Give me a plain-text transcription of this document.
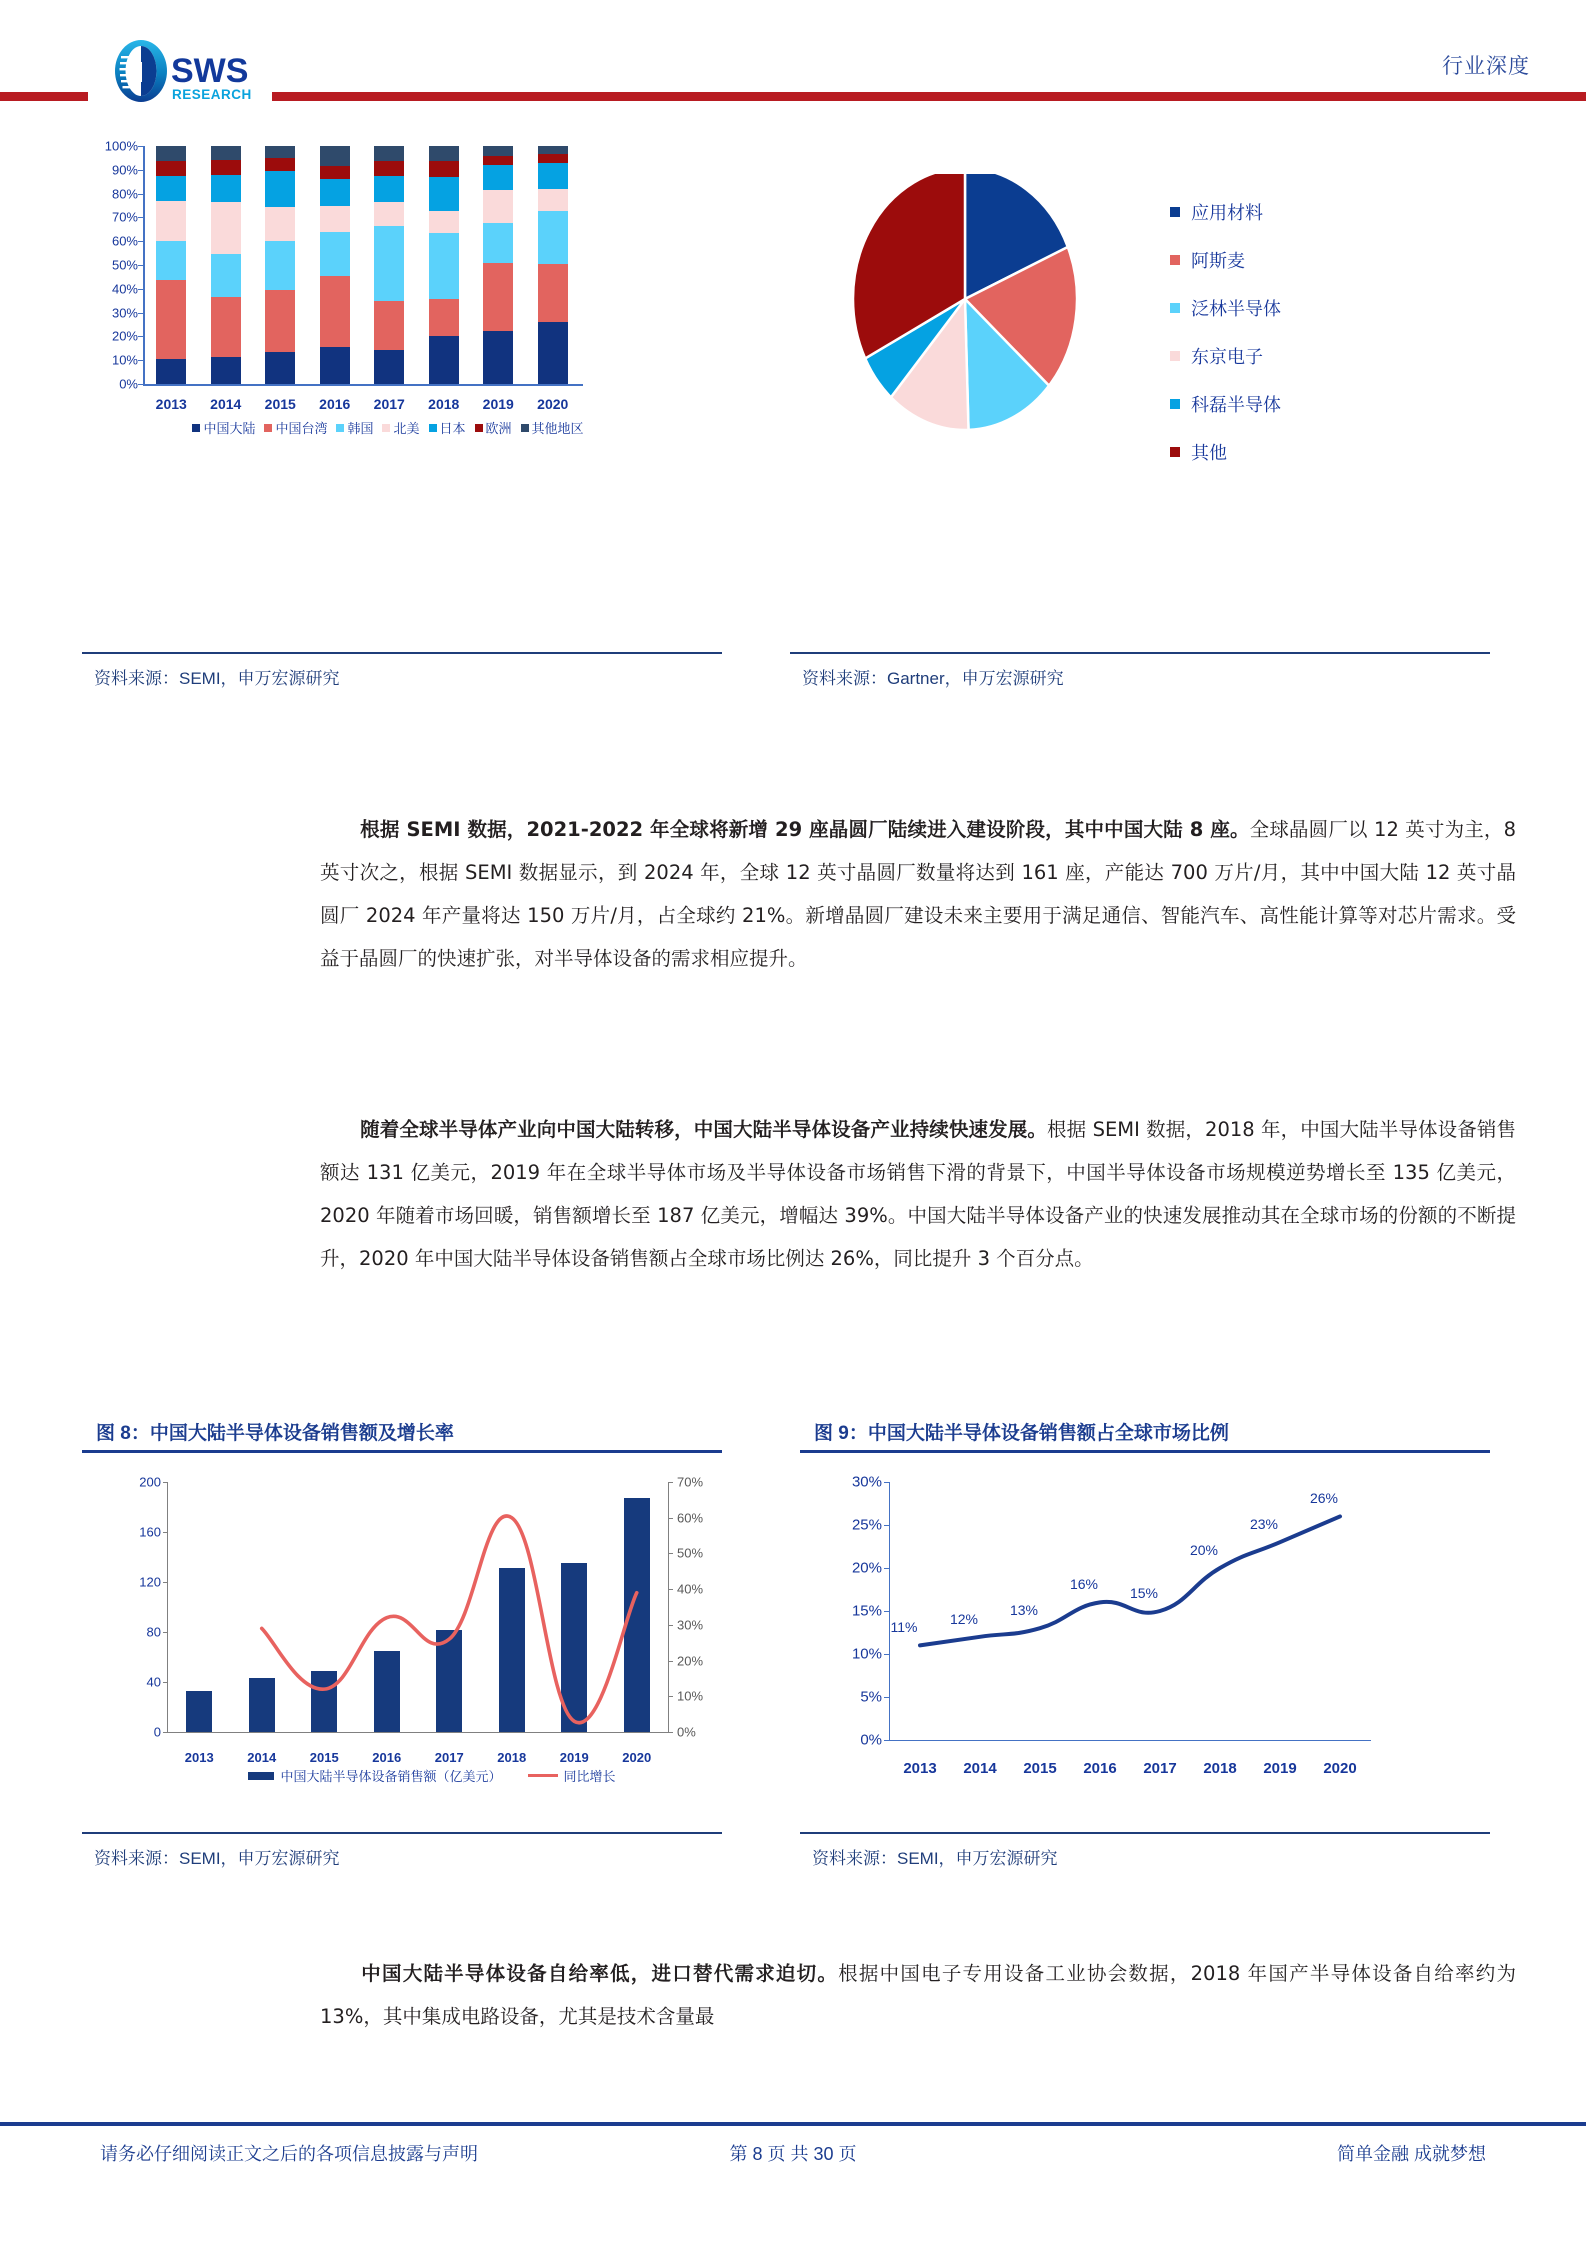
SWS
RESEARCH
行业深度
0%
10%
20%
30%
40%
50%
60%
70%
80%
90%
100%
2013	2014	2015	2016	2017	2018	2019	2020
中国大陆 中国台湾 韩国 北美 日本 欧洲 其他地区
应用材料
阿斯麦
泛林半导体
东京电子
科磊半导体
其他
资料来源：SEMI，申万宏源研究	资料来源：Gartner，申万宏源研究
根据 SEMI 数据，2021-2022 年全球将新增 29 座晶圆厂陆续进入建设阶段，其中中国大陆 8 座。全球晶圆厂以 12 英寸为主，8 英寸次之，根据 SEMI 数据显示，到 2024 年，全球 12 英寸晶圆厂数量将达到 161 座，产能达 700 万片/月，其中中国大陆 12 英寸晶圆厂 2024 年产量将达 150 万片/月，占全球约 21%。新增晶圆厂建设未来主要用于满足通信、智能汽车、高性能计算等对芯片需求。受益于晶圆厂的快速扩张，对半导体设备的需求相应提升。
随着全球半导体产业向中国大陆转移，中国大陆半导体设备产业持续快速发展。根据 SEMI 数据，2018 年，中国大陆半导体设备销售额达 131 亿美元，2019 年在全球半导体市场及半导体设备市场销售下滑的背景下，中国半导体设备市场规模逆势增长至 135 亿美元，2020 年随着市场回暖，销售额增长至 187 亿美元，增幅达 39%。中国大陆半导体设备产业的快速发展推动其在全球市场的份额的不断提升，2020 年中国大陆半导体设备销售额占全球市场比例达 26%，同比提升 3 个百分点。
图 8：中国大陆半导体设备销售额及增长率	图 9：中国大陆半导体设备销售额占全球市场比例
0
40
80
120
160
200
0%
10%
20%
30%
40%
50%
60%
70%
2013	2014	2015	2016	2017	2018	2019	2020
中国大陆半导体设备销售额（亿美元）	同比增长
0%
5%
10%
15%
20%
25%
30%
2013
11%
2014
12%
2015
13%
2016
16%
2017
15%
2018
20%
2019
23%
2020
26%
资料来源：SEMI，申万宏源研究	资料来源：SEMI，申万宏源研究
中国大陆半导体设备自给率低，进口替代需求迫切。根据中国电子专用设备工业协会数据，2018 年国产半导体设备自给率约为 13%，其中集成电路设备，尤其是技术含量最
请务必仔细阅读正文之后的各项信息披露与声明	第 8 页 共 30 页	简单金融 成就梦想
